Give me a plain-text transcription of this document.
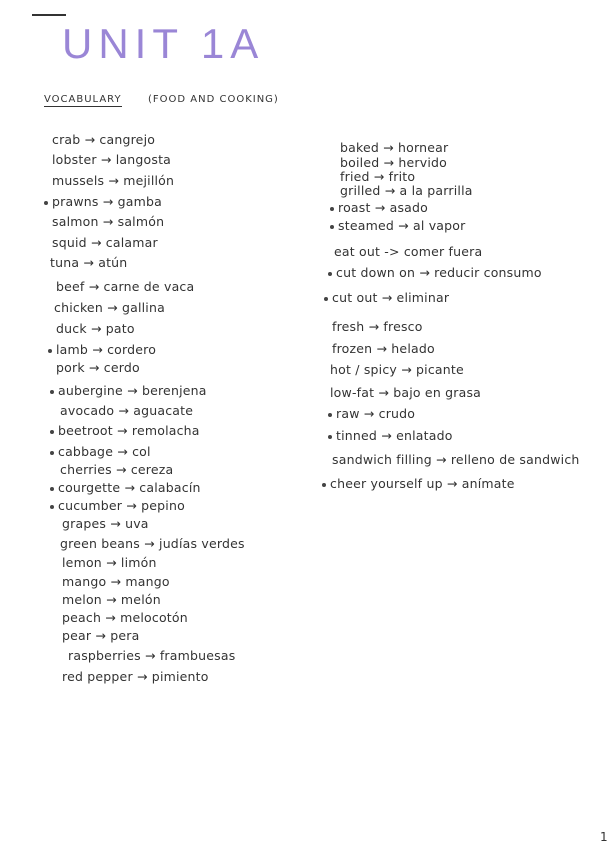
UNIT 1A
VOCABULARY	(FOOD AND COOKING)
crab → cangrejo
lobster → langosta
mussels → mejillón
prawns → gamba
salmon → salmón
squid → calamar
tuna → atún
beef → carne de vaca
chicken → gallina
duck → pato
lamb → cordero
pork → cerdo
aubergine → berenjena
avocado → aguacate
beetroot → remolacha
cabbage → col
cherries → cereza
courgette → calabacín
cucumber → pepino
grapes → uva
green beans → judías verdes
lemon → limón
mango → mango
melon → melón
peach → melocotón
pear → pera
raspberries → frambuesas
red pepper → pimiento
baked → hornear
boiled → hervido
fried → frito
grilled → a la parrilla
roast → asado
steamed → al vapor
eat out -> comer fuera
cut down on → reducir consumo
cut out → eliminar
fresh → fresco
frozen → helado
hot / spicy → picante
low-fat → bajo en grasa
raw → crudo
tinned → enlatado
sandwich filling → relleno de sandwich
cheer yourself up → anímate
1
